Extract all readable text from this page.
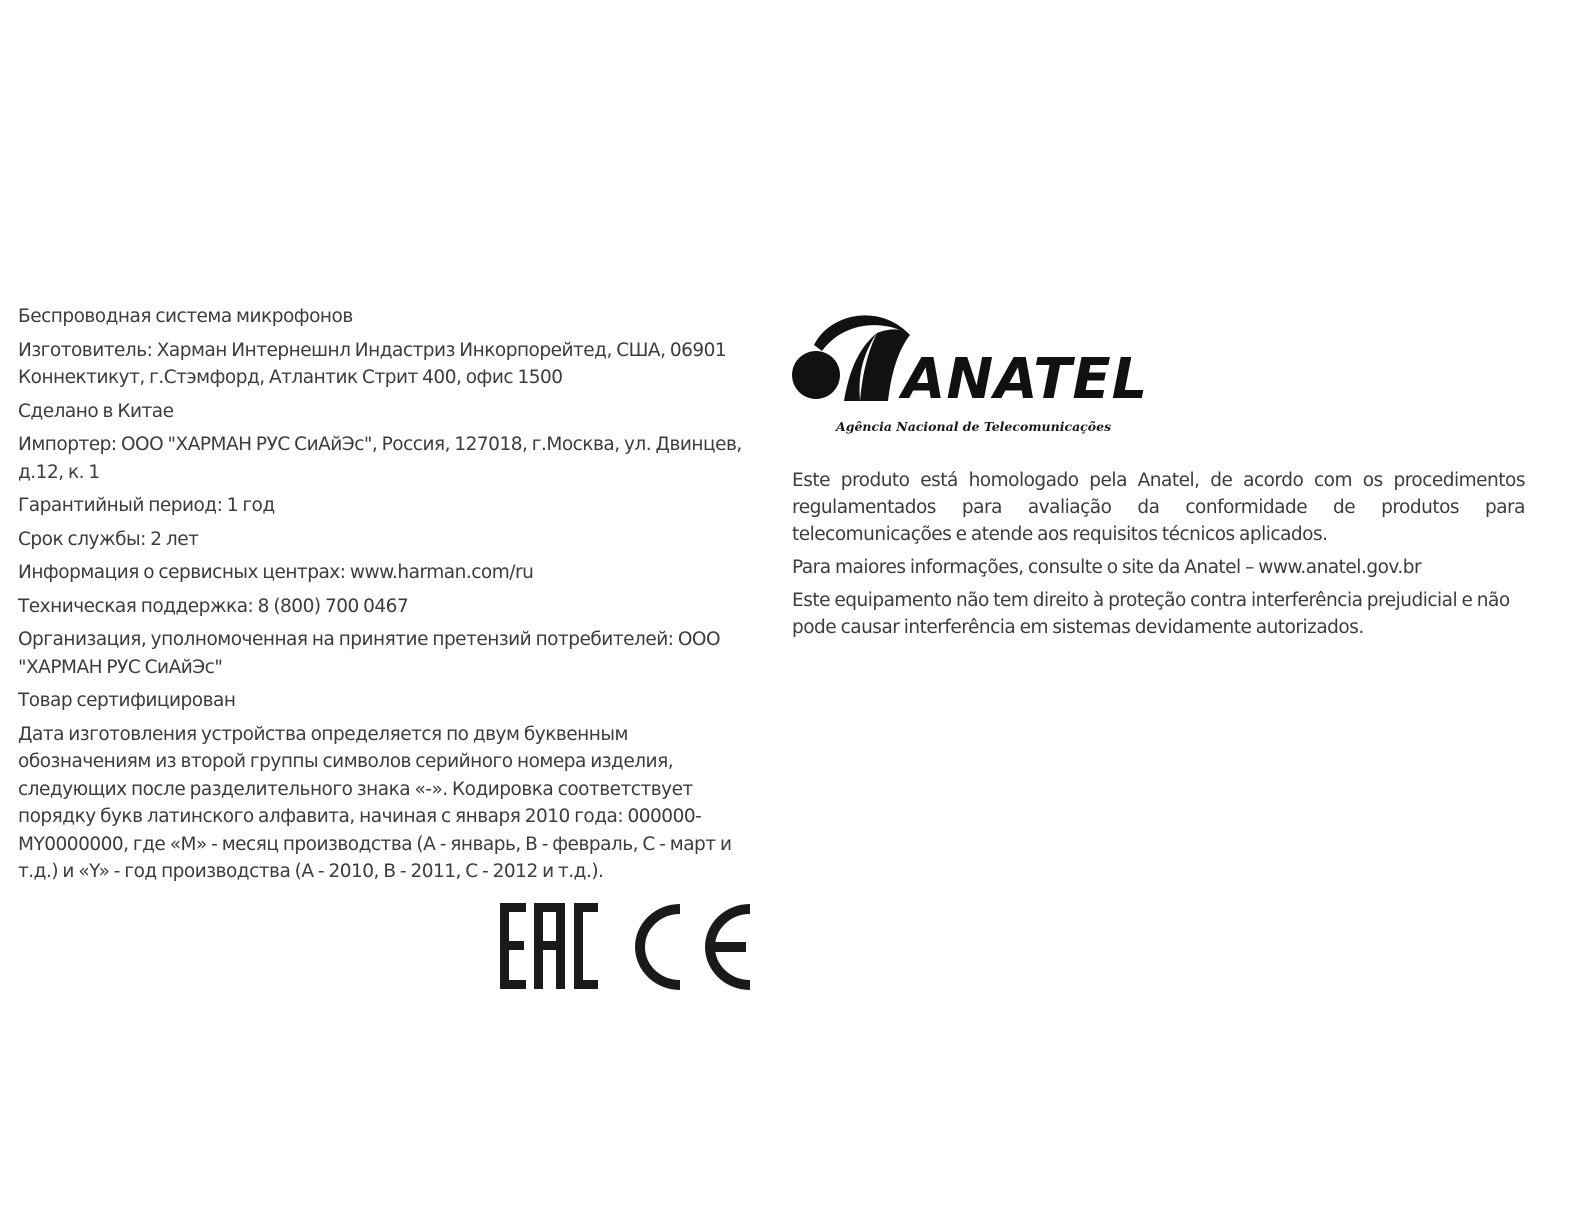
Беспроводная система микрофонов

Изготовитель: Харман Интернешнл Индастриз Инкорпорейтед, США, 06901
Коннектикут, г.Стэмфорд, Атлантик Стрит 400, офис 1500

Сделано в Китае

Импортер: ООО "ХАРМАН РУС СиАйЭс", Россия, 127018, г.Москва, ул. Двинцев,
д.12, к. 1

Гарантийный период: 1 год

Срок службы: 2 лет

Информация о сервисных центрах: www.harman.com/ru

Техническая поддержка: 8 (800) 700 0467

Организация, уполномоченная на принятие претензий потребителей: ООО
"ХАРМАН РУС СиАйЭс"

Товар сертифицирован

Дата изготовления устройства определяется по двум буквенным
обозначениям из второй группы символов серийного номера изделия,
следующих после разделительного знака «-». Кодировка соответствует
порядку букв латинского алфавита, начиная с января 2010 года: 000000-
MY0000000, где «M» - месяц производства (А - январь, B - февраль, C - март и
т.д.) и «Y» - год производства (А - 2010, B - 2011, C - 2012 и т.д.).

ANATEL
Agência Nacional de Telecomunicações

Este produto está homologado pela Anatel, de acordo com os procedimentos regulamentados para avaliação da conformidade de produtos para telecomunicações e atende aos requisitos técnicos aplicados.

Para maiores informações, consulte o site da Anatel – www.anatel.gov.br

Este equipamento não tem direito à proteção contra interferência prejudicial e não pode causar interferência em sistemas devidamente autorizados.
